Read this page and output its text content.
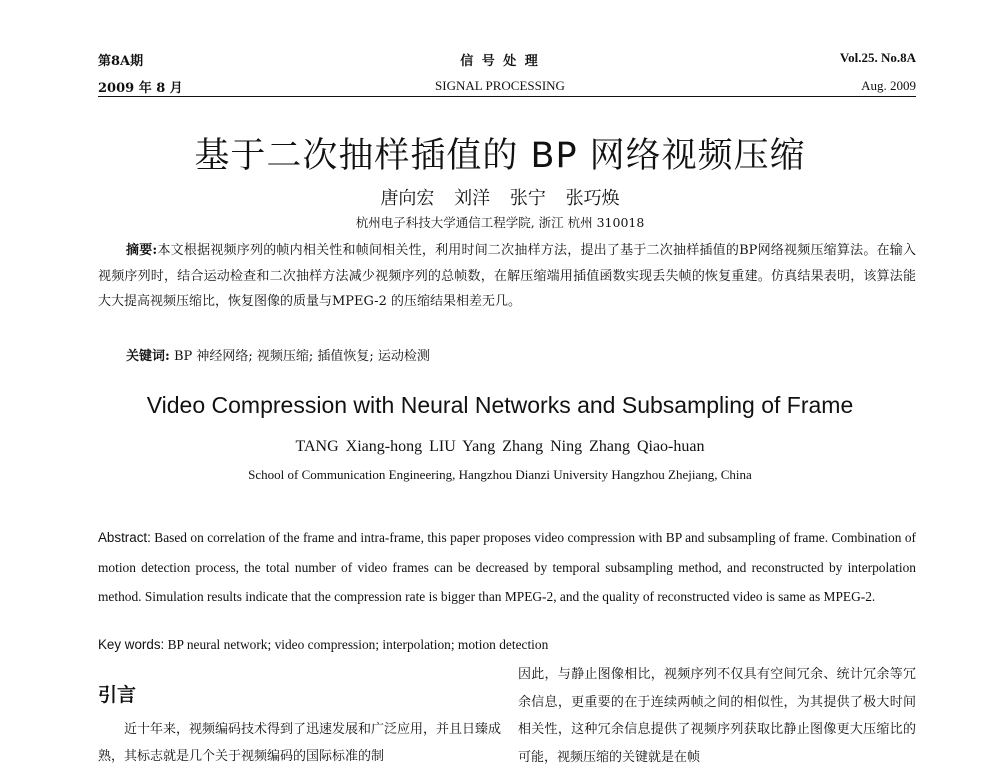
第8A期
2009 年 8 月
信 号 处 理
SIGNAL PROCESSING
Vol.25. No.8A
Aug. 2009
基于二次抽样插值的 BP 网络视频压缩
唐向宏 刘洋 张宁 张巧焕
杭州电子科技大学通信工程学院, 浙江 杭州 310018
摘要:本文根据视频序列的帧内相关性和帧间相关性，利用时间二次抽样方法，提出了基于二次抽样插值的BP网络视频压缩算法。在输入视频序列时，结合运动检查和二次抽样方法减少视频序列的总帧数，在解压缩端用插值函数实现丢失帧的恢复重建。仿真结果表明，该算法能大大提高视频压缩比，恢复图像的质量与MPEG-2 的压缩结果相差无几。
关键词: BP 神经网络; 视频压缩; 插值恢复; 运动检测
Video Compression with Neural Networks and Subsampling of Frame
TANG Xiang-hong LIU Yang Zhang Ning Zhang Qiao-huan
School of Communication Engineering, Hangzhou Dianzi University Hangzhou Zhejiang, China
Abstract: Based on correlation of the frame and intra-frame, this paper proposes video compression with BP and subsampling of frame. Combination of motion detection process, the total number of video frames can be decreased by temporal subsampling method, and reconstructed by interpolation method. Simulation results indicate that the compression rate is bigger than MPEG-2, and the quality of reconstructed video is same as MPEG-2.
Key words: BP neural network; video compression; interpolation; motion detection
引言
近十年来，视频编码技术得到了迅速发展和广泛应用，并且日臻成熟，其标志就是几个关于视频编码的国际标准的制
因此，与静止图像相比，视频序列不仅具有空间冗余、统计冗余等冗余信息，更重要的在于连续两帧之间的相似性，为其提供了极大时间相关性，这种冗余信息提供了视频序列获取比静止图像更大压缩比的可能，视频压缩的关键就是在帧
